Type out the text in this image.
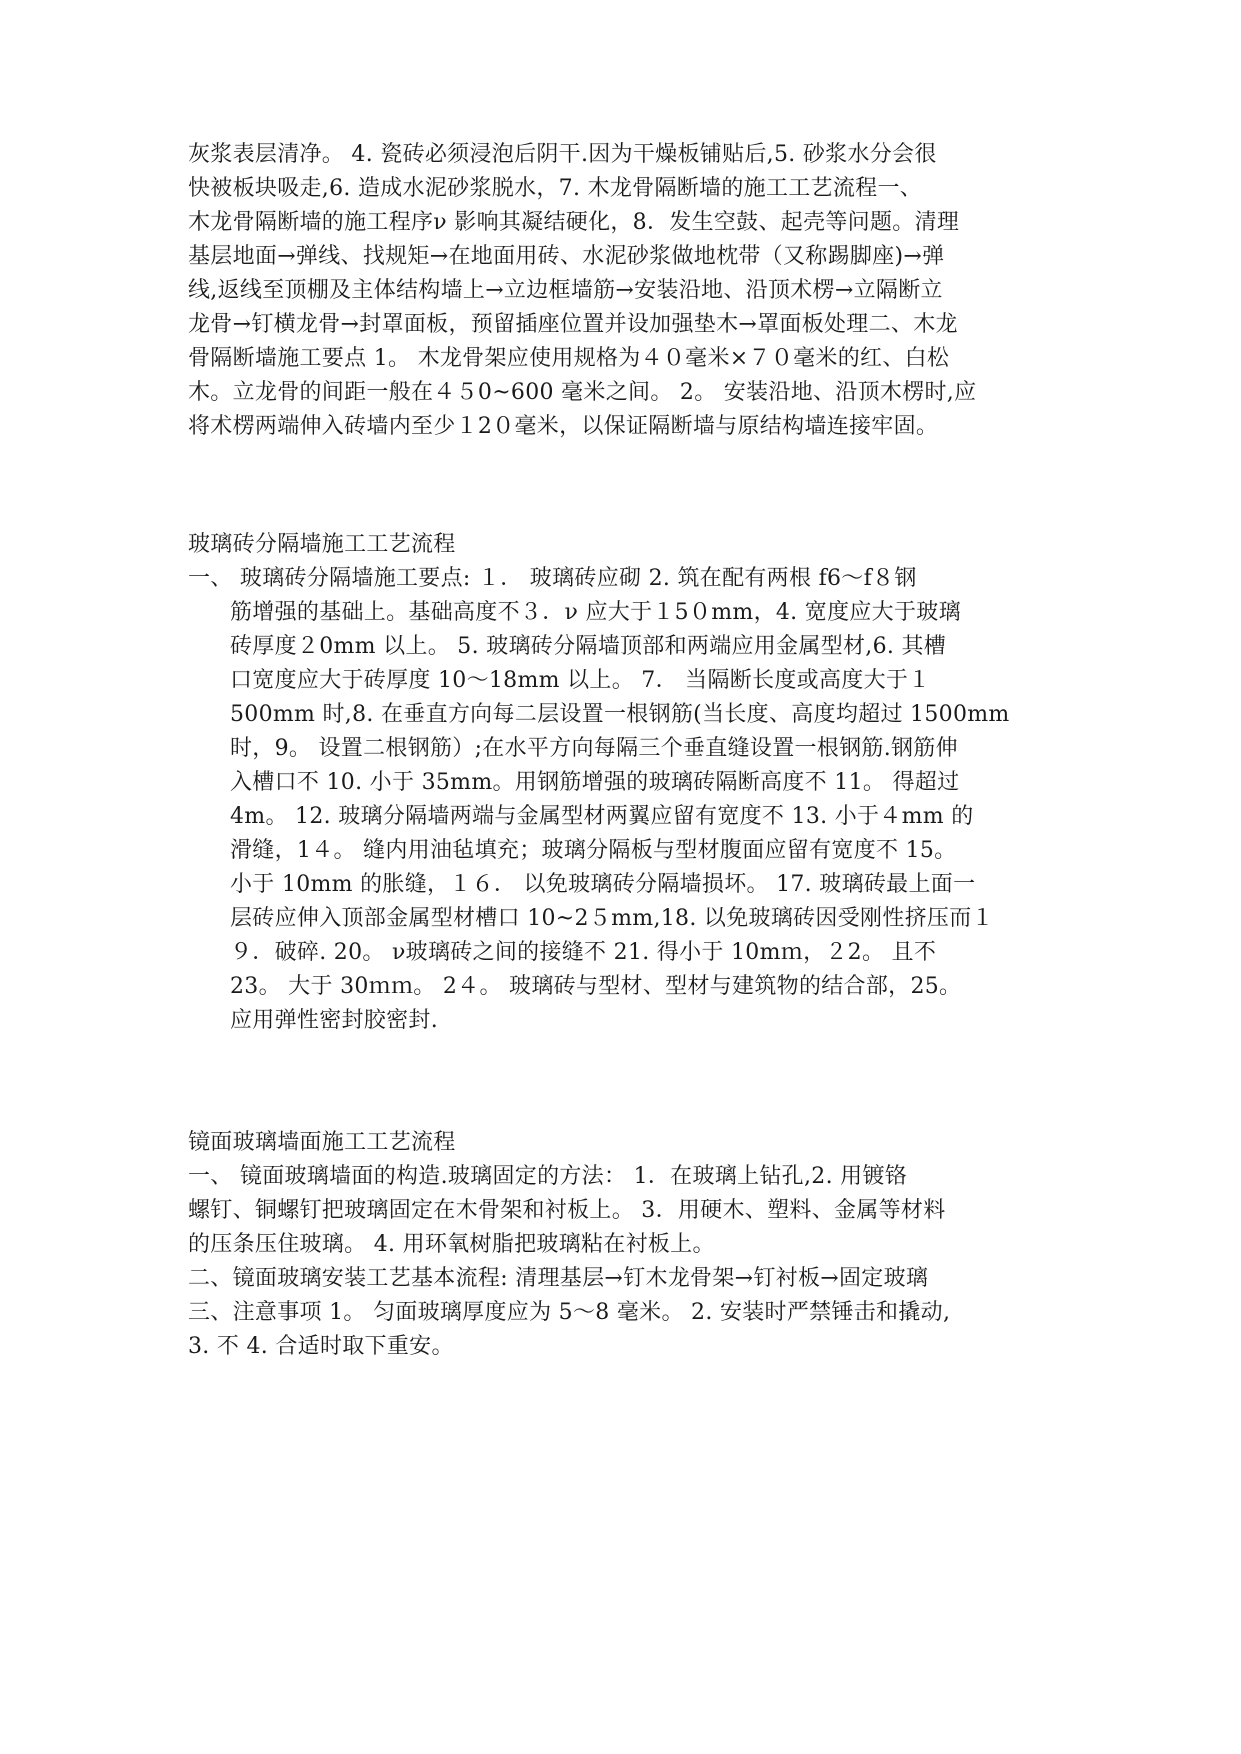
灰浆表层清净。 4. 瓷砖必须浸泡后阴干.因为干燥板铺贴后,5. 砂浆水分会很
快被板块吸走,6. 造成水泥砂浆脱水，7. 木龙骨隔断墙的施工工艺流程一、
木龙骨隔断墙的施工程序ν 影响其凝结硬化，8．发生空鼓、起壳等问题。清理
基层地面→弹线、找规矩→在地面用砖、水泥砂浆做地枕带（又称踢脚座)→弹
线,返线至顶棚及主体结构墙上→立边框墙筋→安装沿地、沿顶术楞→立隔断立
龙骨→钉横龙骨→封罩面板，预留插座位置并设加强垫木→罩面板处理二、木龙
骨隔断墙施工要点 1。 木龙骨架应使用规格为４０毫米×７０毫米的红、白松
木。立龙骨的间距一般在４５0~600 毫米之间。 2。 安装沿地、沿顶木楞时,应
将术楞两端伸入砖墙内至少１2０毫米，以保证隔断墙与原结构墙连接牢固。
玻璃砖分隔墙施工工艺流程
一、 玻璃砖分隔墙施工要点: １． 玻璃砖应砌 2. 筑在配有两根 f6～f８钢
筋增强的基础上。基础高度不３．ν 应大于１5０mm，4. 宽度应大于玻璃
砖厚度２0mm 以上。 5. 玻璃砖分隔墙顶部和两端应用金属型材,6. 其槽
口宽度应大于砖厚度 10～18mm 以上。 7． 当隔断长度或高度大于１
500mm 时,8. 在垂直方向每二层设置一根钢筋(当长度、高度均超过 1500mm
时，9。 设置二根钢筋）;在水平方向每隔三个垂直缝设置一根钢筋.钢筋伸
入槽口不 10. 小于 35mm。用钢筋增强的玻璃砖隔断高度不 11。 得超过
4m。 12. 玻璃分隔墙两端与金属型材两翼应留有宽度不 13. 小于４mm 的
滑缝，1４。 缝内用油毡填充；玻璃分隔板与型材腹面应留有宽度不 15。
小于 10mm 的胀缝，１６． 以免玻璃砖分隔墙损坏。 17. 玻璃砖最上面一
层砖应伸入顶部金属型材槽口 10~2５mm,18. 以免玻璃砖因受刚性挤压而１
９．破碎. 20。 ν玻璃砖之间的接缝不 21. 得小于 10mｍ，２2。 且不
23。 大于 30ｍｍ。 2４。 玻璃砖与型材、型材与建筑物的结合部，25。
应用弹性密封胶密封.
镜面玻璃墙面施工工艺流程
一、 镜面玻璃墙面的构造.玻璃固定的方法： 1．在玻璃上钻孔,2. 用镀铬
螺钉、铜螺钉把玻璃固定在木骨架和衬板上。 3．用硬木、塑料、金属等材料
的压条压住玻璃。 4. 用环氧树脂把玻璃粘在衬板上。
二、镜面玻璃安装工艺基本流程: 清理基层→钉木龙骨架→钉衬板→固定玻璃
三、注意事项 1。 匀面玻璃厚度应为 5～8 毫米。 2. 安装时严禁锤击和撬动,
3. 不 4. 合适时取下重安。
